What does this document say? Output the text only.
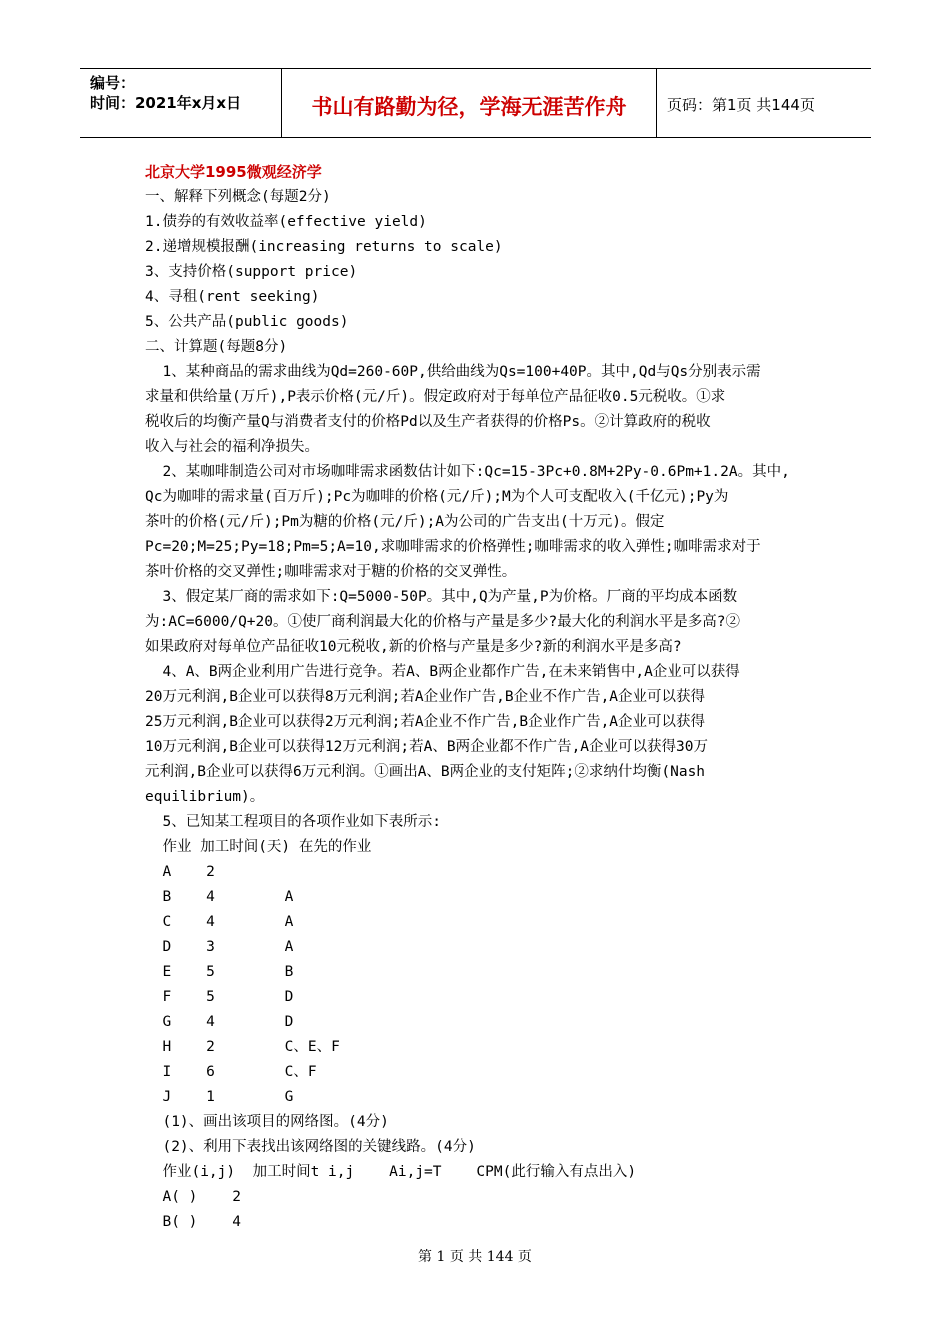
编号：
时间：2021年x月x日	书山有路勤为径，学海无涯苦作舟	页码：第1页 共144页
北京大学1995微观经济学
一、解释下列概念(每题2分)
1.债券的有效收益率(effective yield)
2.递增规模报酬(increasing returns to scale)
3、支持价格(support price)
4、寻租(rent seeking)
5、公共产品(public goods)
二、计算题(每题8分)
1、某种商品的需求曲线为Qd=260-60P,供给曲线为Qs=100+40P。其中,Qd与Qs分别表示需
求量和供给量(万斤),P表示价格(元/斤)。假定政府对于每单位产品征收0.5元税收。①求
税收后的均衡产量Q与消费者支付的价格Pd以及生产者获得的价格Ps。②计算政府的税收
收入与社会的福利净损失。
2、某咖啡制造公司对市场咖啡需求函数估计如下:Qc=15-3Pc+0.8M+2Py-0.6Pm+1.2A。其中,
Qc为咖啡的需求量(百万斤);Pc为咖啡的价格(元/斤);M为个人可支配收入(千亿元);Py为
茶叶的价格(元/斤);Pm为糖的价格(元/斤);A为公司的广告支出(十万元)。假定
Pc=20;M=25;Py=18;Pm=5;A=10,求咖啡需求的价格弹性;咖啡需求的收入弹性;咖啡需求对于
茶叶价格的交叉弹性;咖啡需求对于糖的价格的交叉弹性。
3、假定某厂商的需求如下:Q=5000-50P。其中,Q为产量,P为价格。厂商的平均成本函数
为:AC=6000/Q+20。①使厂商利润最大化的价格与产量是多少?最大化的利润水平是多高?②
如果政府对每单位产品征收10元税收,新的价格与产量是多少?新的利润水平是多高?
4、A、B两企业利用广告进行竞争。若A、B两企业都作广告,在未来销售中,A企业可以获得
20万元利润,B企业可以获得8万元利润;若A企业作广告,B企业不作广告,A企业可以获得
25万元利润,B企业可以获得2万元利润;若A企业不作广告,B企业作广告,A企业可以获得
10万元利润,B企业可以获得12万元利润;若A、B两企业都不作广告,A企业可以获得30万
元利润,B企业可以获得6万元利润。①画出A、B两企业的支付矩阵;②求纳什均衡(Nash
equilibrium)。
5、已知某工程项目的各项作业如下表所示:
作业 加工时间(天) 在先的作业
A    2
B    4        A
C    4        A
D    3        A
E    5        B
F    5        D
G    4        D
H    2        C、E、F
I    6        C、F
J    1        G
(1)、画出该项目的网络图。(4分)
(2)、利用下表找出该网络图的关键线路。(4分)
作业(i,j)  加工时间t i,j    Ai,j=T    CPM(此行输入有点出入)
A( )    2
B( )    4
第 1 页 共 144 页
